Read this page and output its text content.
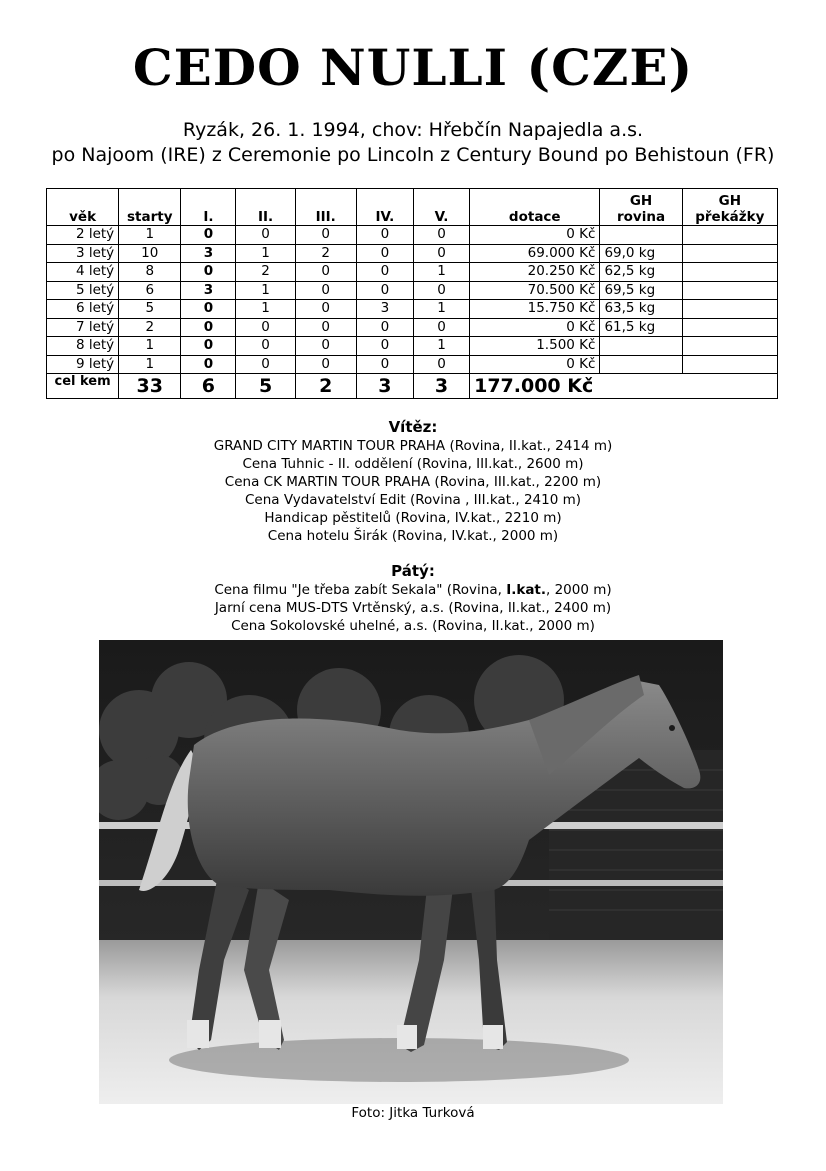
CEDO NULLI (CZE)
Ryzák, 26. 1. 1994, chov: Hřebčín Napajedla a.s.
po Najoom (IRE) z Ceremonie po Lincoln z Century Bound po Behistoun (FR)
věk	starty	I.	II.	III.	IV.	V.	dotace	GH rovina	GH překážky
2 letý	1	0	0	0	0	0	0 Kč		
3 letý	10	3	1	2	0	0	69.000 Kč	69,0 kg	
4 letý	8	0	2	0	0	1	20.250 Kč	62,5 kg	
5 letý	6	3	1	0	0	0	70.500 Kč	69,5 kg	
6 letý	5	0	1	0	3	1	15.750 Kč	63,5 kg	
7 letý	2	0	0	0	0	0	0 Kč	61,5 kg	
8 letý	1	0	0	0	0	1	1.500 Kč		
9 letý	1	0	0	0	0	0	0 Kč		
cel kem	33	6	5	2	3	3	177.000 Kč		
Vítěz:
GRAND CITY MARTIN TOUR PRAHA (Rovina, II.kat., 2414 m)
Cena Tuhnic - II. oddělení (Rovina, III.kat., 2600 m)
Cena CK MARTIN TOUR PRAHA (Rovina, III.kat., 2200 m)
Cena Vydavatelství Edit (Rovina , III.kat., 2410 m)
Handicap pěstitelů (Rovina, IV.kat., 2210 m)
Cena hotelu Širák (Rovina, IV.kat., 2000 m)
Pátý:
Cena filmu "Je třeba zabít Sekala" (Rovina, I.kat., 2000 m)
Jarní cena MUS-DTS Vrtěnský, a.s. (Rovina, II.kat., 2400 m)
Cena Sokolovské uhelné, a.s. (Rovina, II.kat., 2000 m)
Foto: Jitka Turková
